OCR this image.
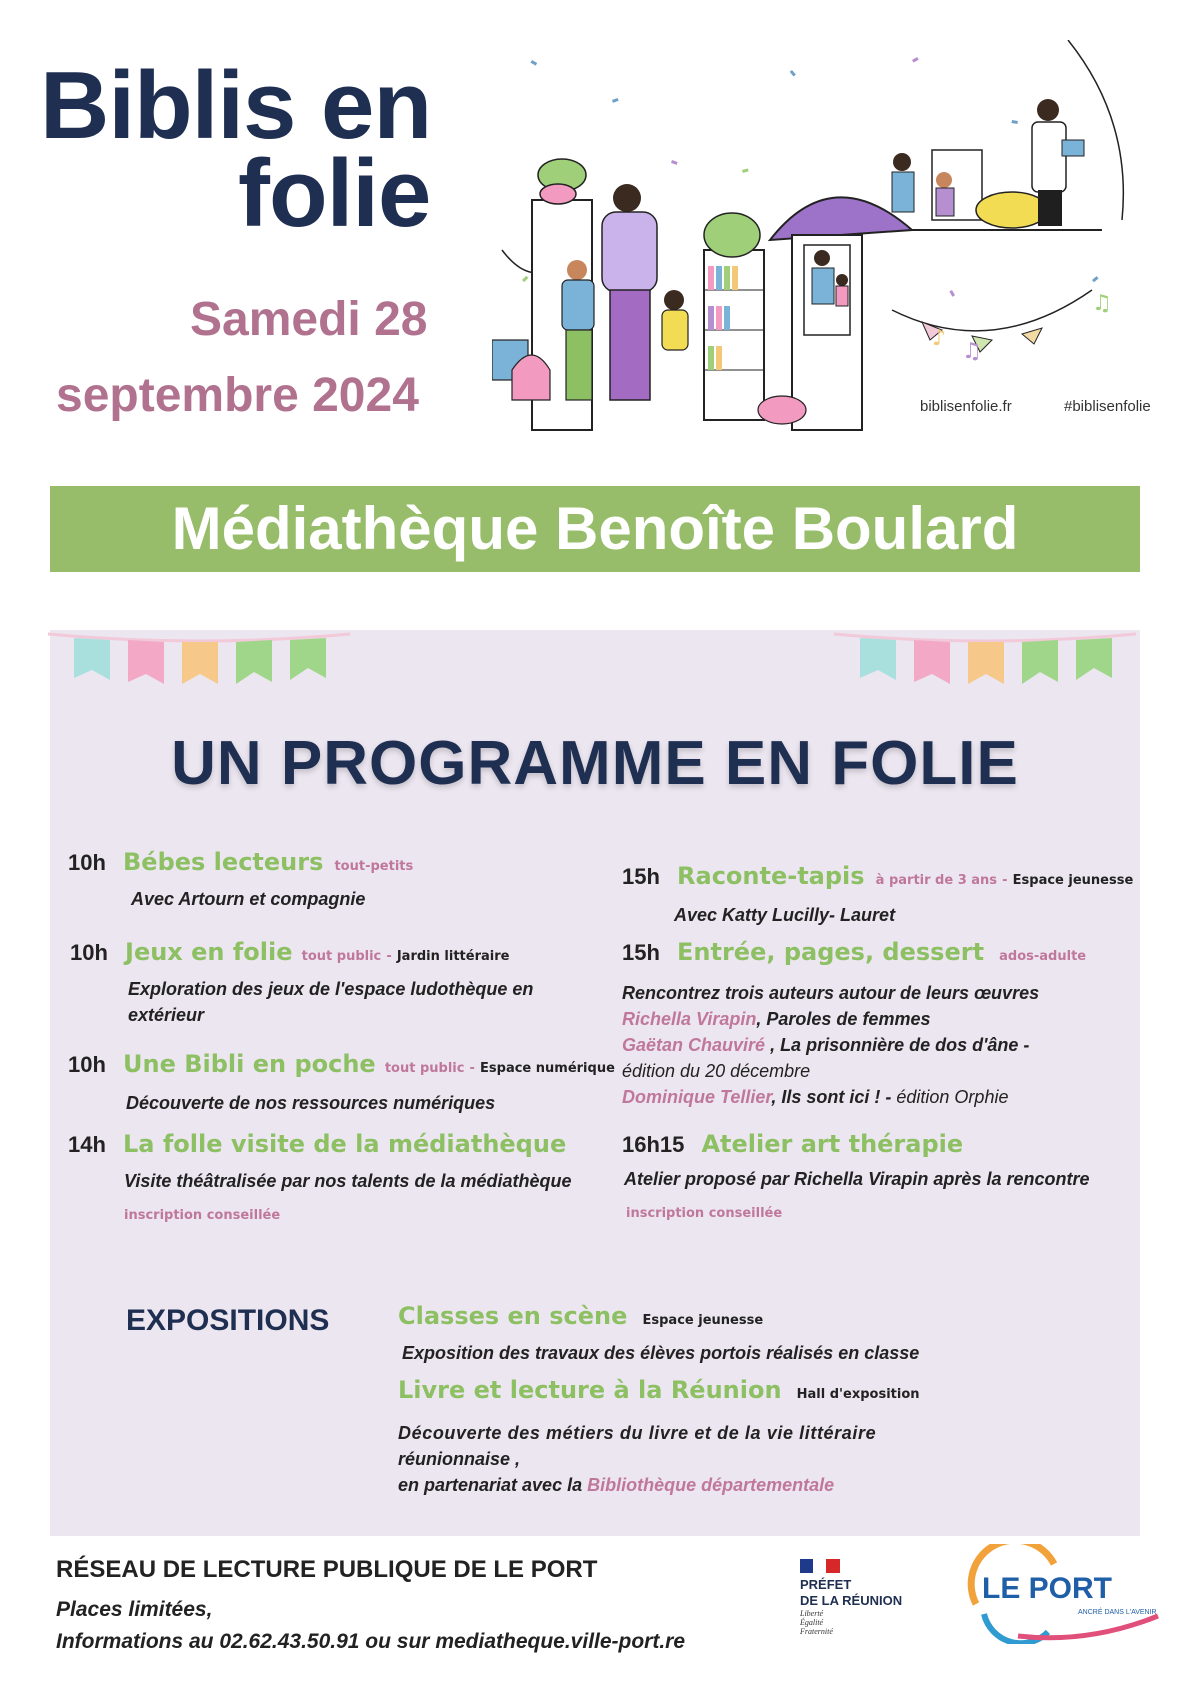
Biblis en
folie
Samedi 28
septembre 2024
♫
♪
♫
biblisenfolie.fr	#biblisenfolie
Médiathèque Benoîte Boulard
UN PROGRAMME EN FOLIE
10h Bébes lecteurs tout-petits
Avec Artourn et compagnie
10h Jeux en folie tout public - Jardin littéraire
Exploration des jeux de l'espace ludothèque en
extérieur
10h Une Bibli en poche tout public - Espace numérique
Découverte de nos ressources numériques
14h La folle visite de la médiathèque
Visite théâtralisée par nos talents de la médiathèque
inscription conseillée
15h Raconte-tapis à partir de 3 ans - Espace jeunesse
Avec Katty Lucilly- Lauret
15h Entrée, pages, dessert ados-adulte
Rencontrez trois auteurs autour de leurs œuvres
Richella Virapin, Paroles de femmes
Gaëtan Chauviré , La prisonnière de dos d'âne -
édition du 20 décembre
Dominique Tellier, Ils sont ici ! - édition Orphie
16h15 Atelier art thérapie
Atelier proposé par Richella Virapin après la rencontre
inscription conseillée
EXPOSITIONS	Classes en scène Espace jeunesse
Exposition des travaux des élèves portois réalisés en classe
Livre et lecture à la Réunion Hall d'exposition
Découverte des métiers du livre et de la vie littéraire
réunionnaise ,
en partenariat avec la Bibliothèque départementale
RÉSEAU DE LECTURE PUBLIQUE DE LE PORT
Places limitées,
Informations au 02.62.43.50.91 ou sur mediatheque.ville-port.re
PRÉFET
DE LA RÉUNION
Liberté
Égalité
Fraternité
LE PORT
ANCRÉ DANS L'AVENIR
